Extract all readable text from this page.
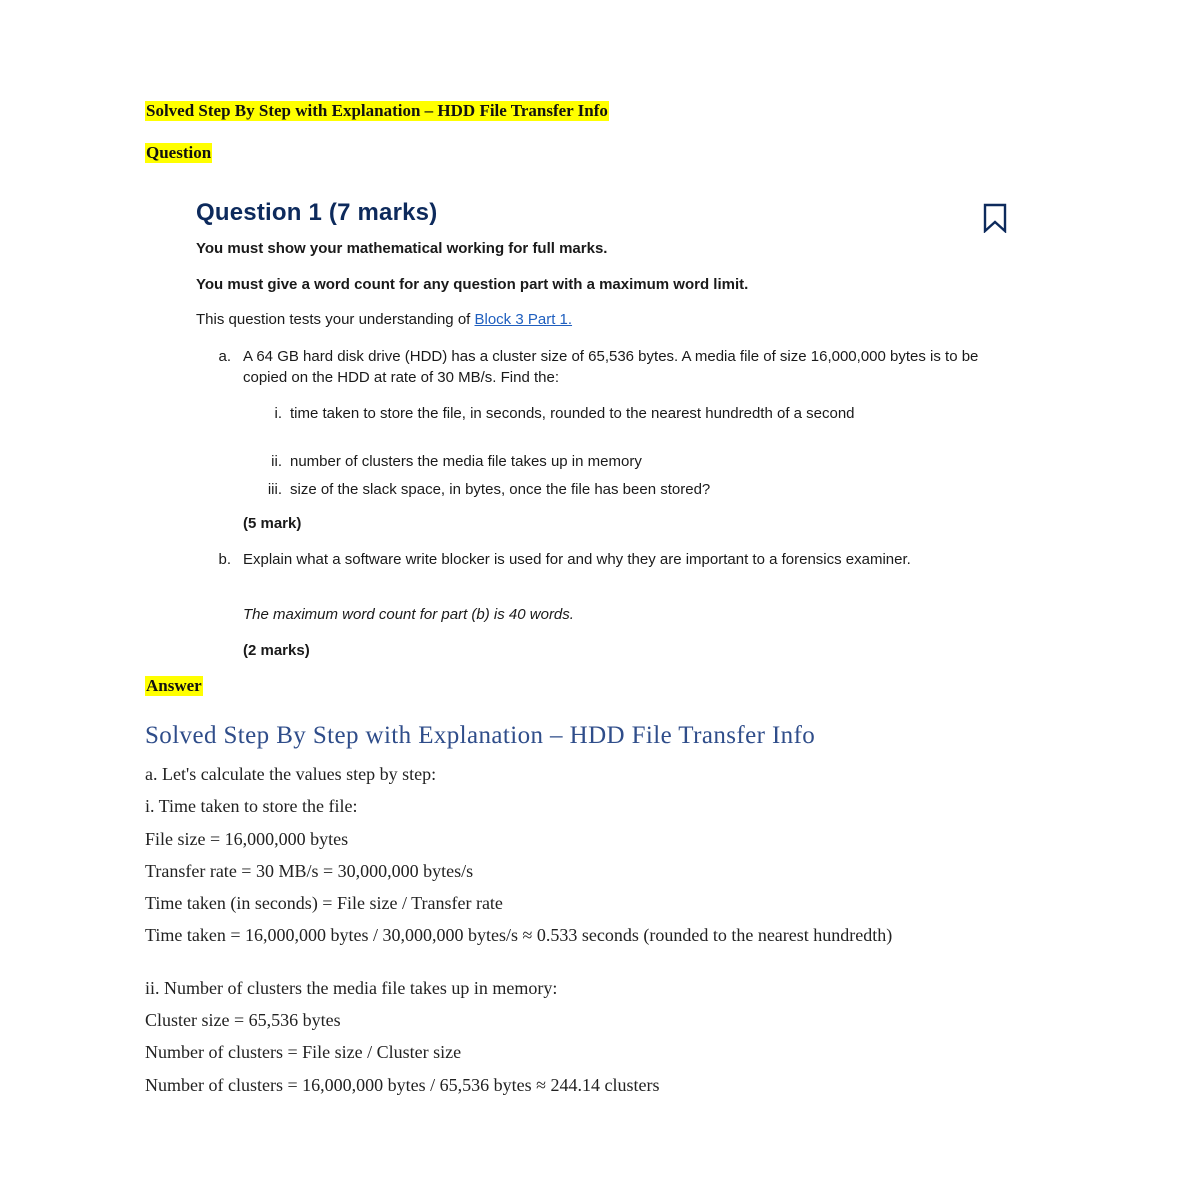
Solved Step By Step with Explanation – HDD File Transfer Info
Question
Question 1 (7 marks)
You must show your mathematical working for full marks.
You must give a word count for any question part with a maximum word limit.
This question tests your understanding of Block 3 Part 1.
a. A 64 GB hard disk drive (HDD) has a cluster size of 65,536 bytes. A media file of size 16,000,000 bytes is to be copied on the HDD at rate of 30 MB/s. Find the:
i. time taken to store the file, in seconds, rounded to the nearest hundredth of a second
ii. number of clusters the media file takes up in memory
iii. size of the slack space, in bytes, once the file has been stored?
(5 mark)
b. Explain what a software write blocker is used for and why they are important to a forensics examiner.
The maximum word count for part (b) is 40 words.
(2 marks)
Answer
Solved Step By Step with Explanation – HDD File Transfer Info
a. Let's calculate the values step by step:
i. Time taken to store the file:
File size = 16,000,000 bytes
Transfer rate = 30 MB/s = 30,000,000 bytes/s
Time taken (in seconds) = File size / Transfer rate
Time taken = 16,000,000 bytes / 30,000,000 bytes/s ≈ 0.533 seconds (rounded to the nearest hundredth)
ii. Number of clusters the media file takes up in memory:
Cluster size = 65,536 bytes
Number of clusters = File size / Cluster size
Number of clusters = 16,000,000 bytes / 65,536 bytes ≈ 244.14 clusters
